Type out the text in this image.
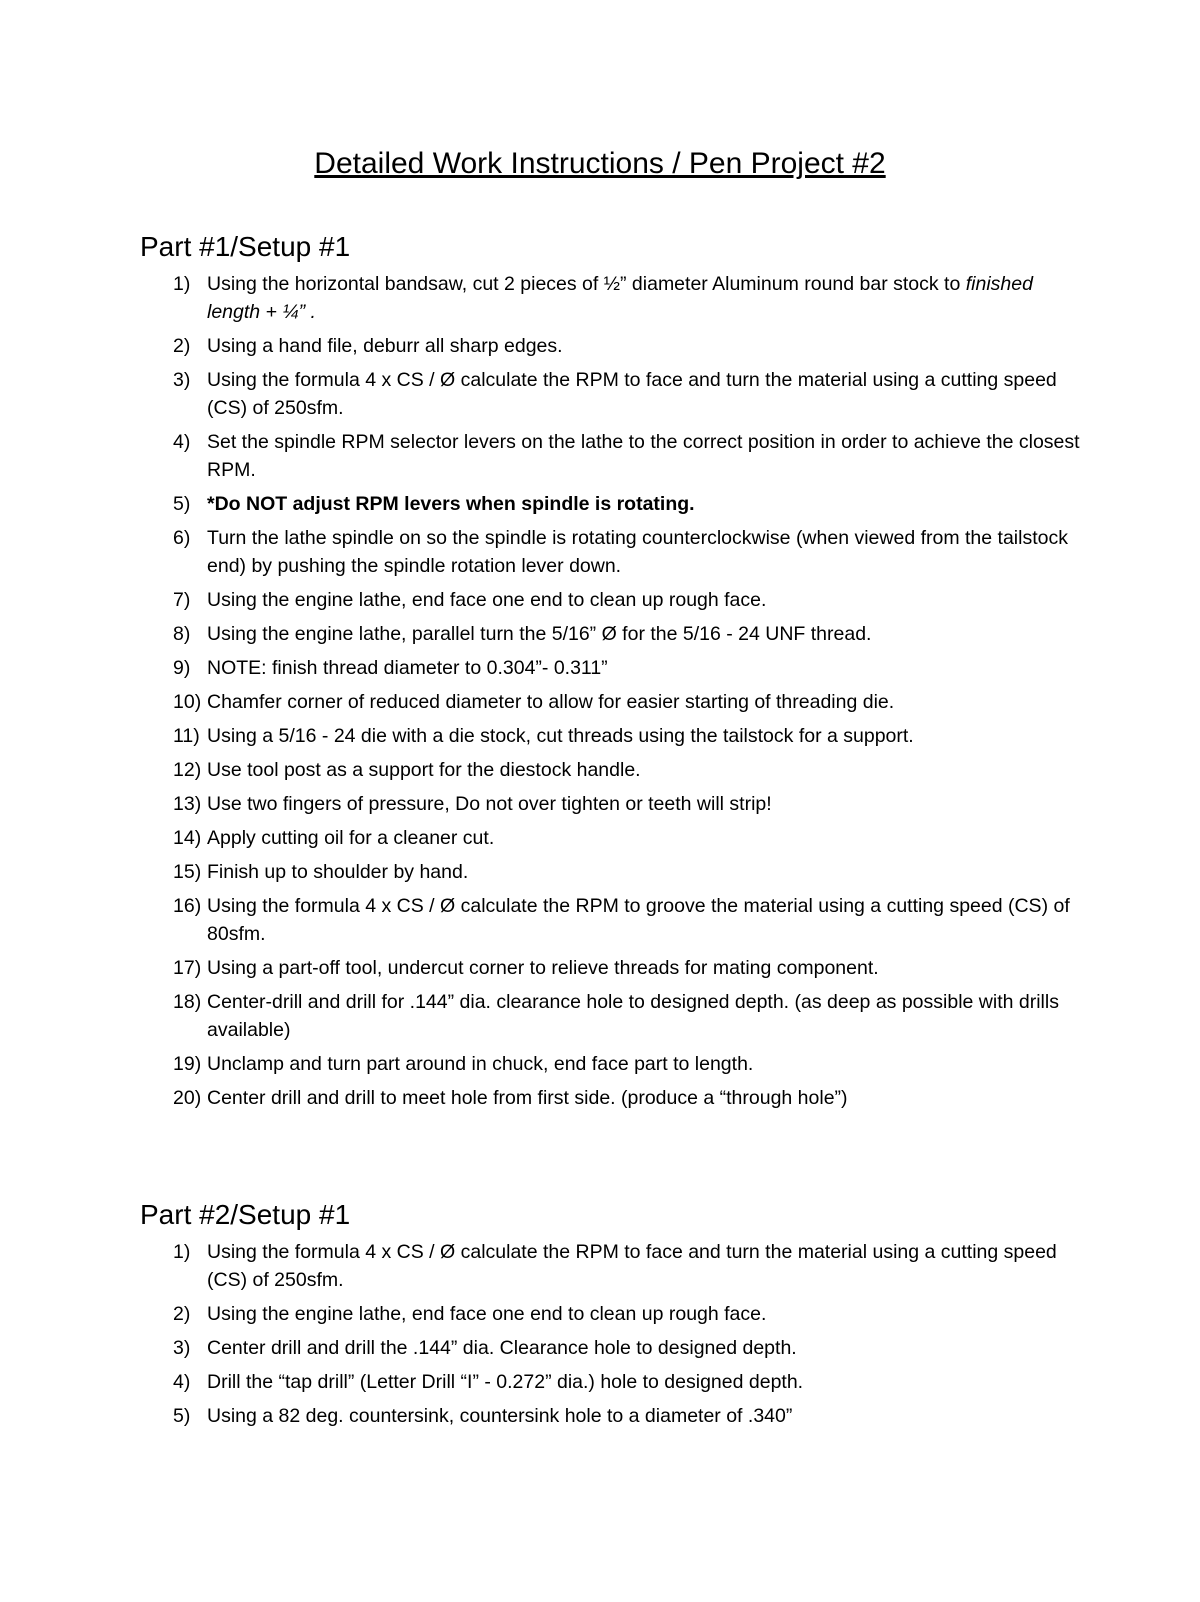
Detailed Work Instructions / Pen Project #2
Part #1/Setup #1
1) Using the horizontal bandsaw, cut 2 pieces of ½” diameter Aluminum round bar stock to finished length + ¼” .
2) Using a hand file, deburr all sharp edges.
3) Using the formula 4 x CS / Ø calculate the RPM to face and turn the material using a cutting speed (CS) of 250sfm.
4) Set the spindle RPM selector levers on the lathe to the correct position in order to achieve the closest RPM.
5) *Do NOT adjust RPM levers when spindle is rotating.
6) Turn the lathe spindle on so the spindle is rotating counterclockwise (when viewed from the tailstock end) by pushing the spindle rotation lever down.
7) Using the engine lathe, end face one end to clean up rough face.
8) Using the engine lathe, parallel turn the 5/16” Ø for the 5/16 - 24 UNF thread.
9) NOTE: finish thread diameter to 0.304”- 0.311”
10) Chamfer corner of reduced diameter to allow for easier starting of threading die.
11) Using a 5/16 - 24 die with a die stock, cut threads using the tailstock for a support.
12) Use tool post as a support for the diestock handle.
13) Use two fingers of pressure, Do not over tighten or teeth will strip!
14) Apply cutting oil for a cleaner cut.
15) Finish up to shoulder by hand.
16) Using the formula 4 x CS / Ø calculate the RPM to groove the material using a cutting speed (CS) of 80sfm.
17) Using a part-off tool, undercut corner to relieve threads for mating component.
18) Center-drill and drill for .144” dia. clearance hole to designed depth. (as deep as possible with drills available)
19) Unclamp and turn part around in chuck, end face part to length.
20) Center drill and drill to meet hole from first side. (produce a “through hole”)
Part #2/Setup #1
1) Using the formula 4 x CS / Ø calculate the RPM to face and turn the material using a cutting speed (CS) of 250sfm.
2) Using the engine lathe, end face one end to clean up rough face.
3) Center drill and drill the .144” dia. Clearance hole to designed depth.
4) Drill the “tap drill” (Letter Drill “I” - 0.272” dia.) hole to designed depth.
5) Using a 82 deg. countersink, countersink hole to a diameter of .340”
